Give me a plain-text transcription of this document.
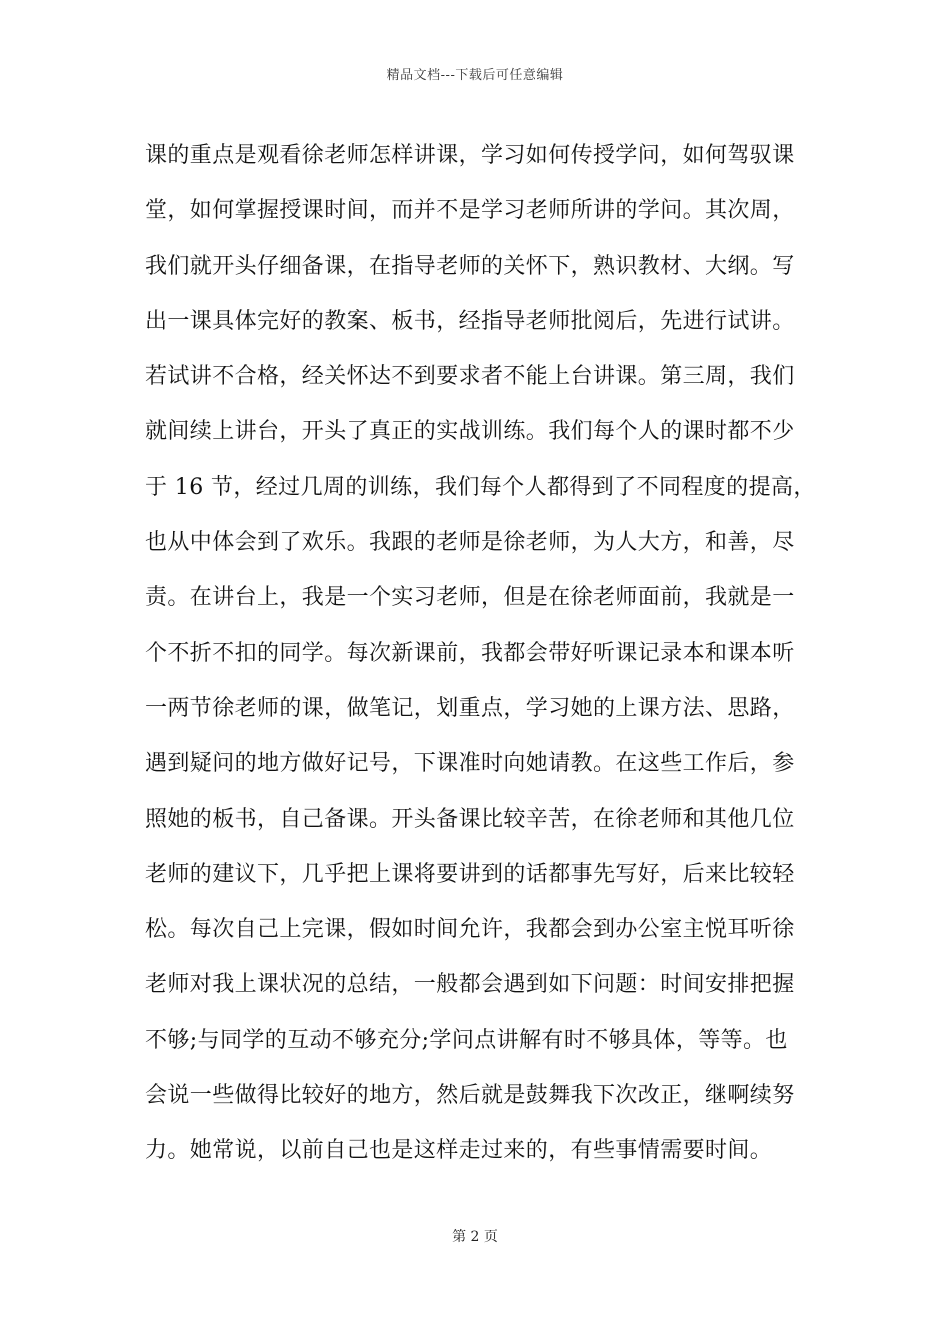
精品文档---下载后可任意编辑
课的重点是观看徐老师怎样讲课，学习如何传授学问，如何驾驭课
堂，如何掌握授课时间，而并不是学习老师所讲的学问。其次周，
我们就开头仔细备课，在指导老师的关怀下，熟识教材、大纲。写
出一课具体完好的教案、板书，经指导老师批阅后，先进行试讲。
若试讲不合格，经关怀达不到要求者不能上台讲课。第三周，我们
就间续上讲台，开头了真正的实战训练。我们每个人的课时都不少
于 16 节，经过几周的训练，我们每个人都得到了不同程度的提高，
也从中体会到了欢乐。我跟的老师是徐老师，为人大方，和善，尽
责。在讲台上，我是一个实习老师，但是在徐老师面前，我就是一
个不折不扣的同学。每次新课前，我都会带好听课记录本和课本听
一两节徐老师的课，做笔记，划重点，学习她的上课方法、思路，
遇到疑问的地方做好记号，下课准时向她请教。在这些工作后，参
照她的板书，自己备课。开头备课比较辛苦，在徐老师和其他几位
老师的建议下，几乎把上课将要讲到的话都事先写好，后来比较轻
松。每次自己上完课，假如时间允许，我都会到办公室主悦耳听徐
老师对我上课状况的总结，一般都会遇到如下问题：时间安排把握
不够;与同学的互动不够充分;学问点讲解有时不够具体，等等。也
会说一些做得比较好的地方，然后就是鼓舞我下次改正，继啊续努
力。她常说，以前自己也是这样走过来的，有些事情需要时间。
第 2 页
